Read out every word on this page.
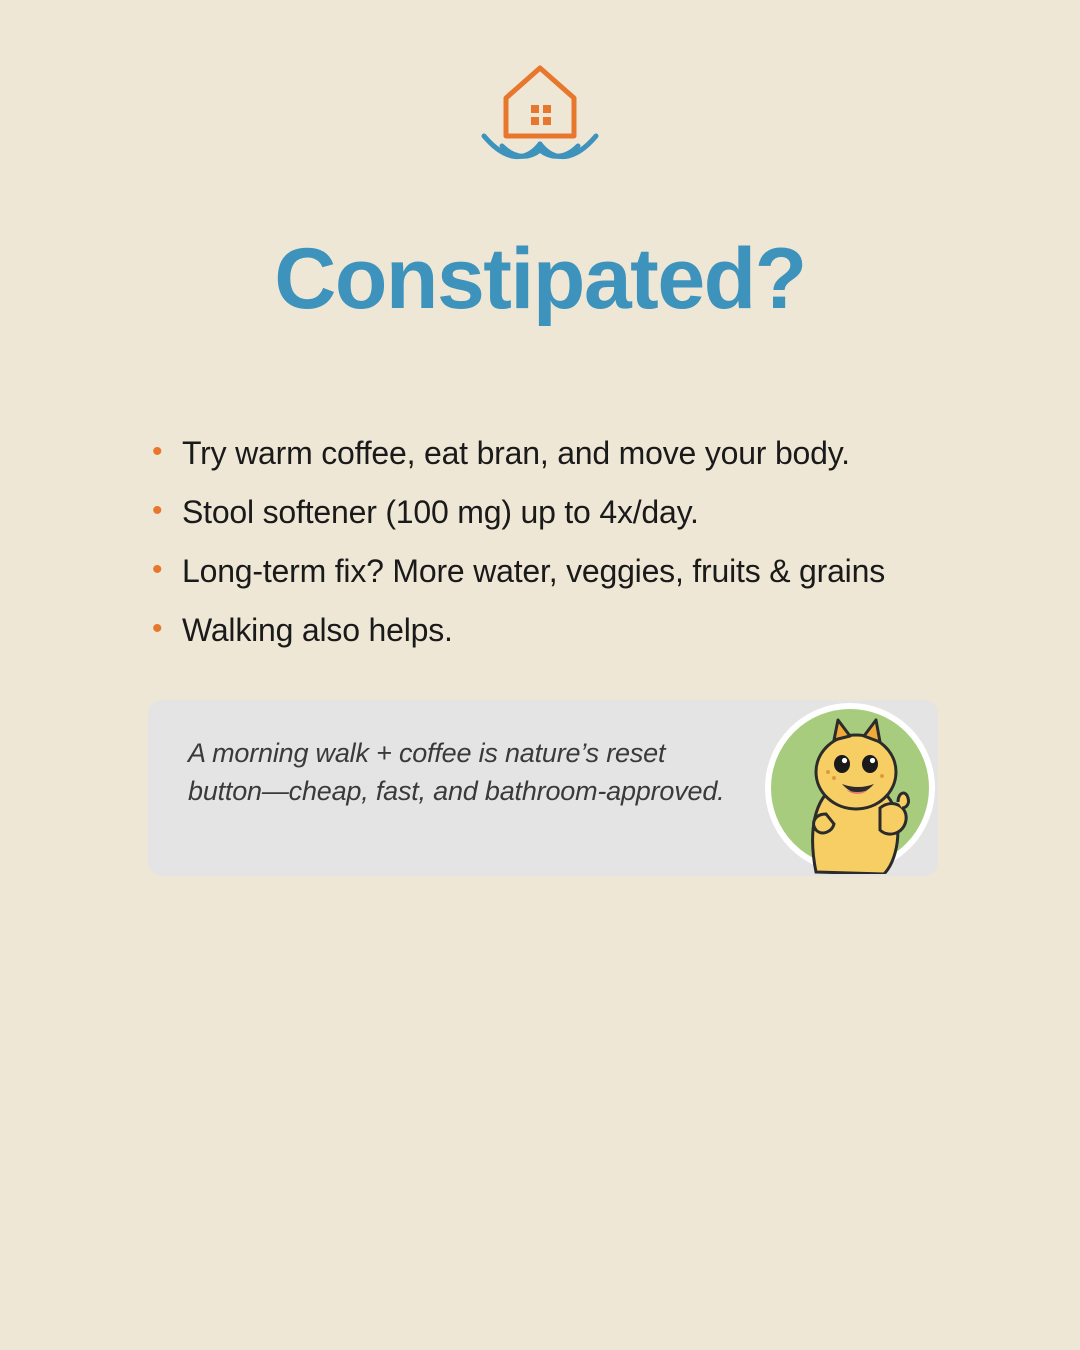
Constipated?
• Try warm coffee, eat bran, and move your body.
• Stool softener (100 mg) up to 4x/day.
• Long-term fix? More water, veggies, fruits & grains
• Walking also helps.
A morning walk + coffee is nature’s reset button—cheap, fast, and bathroom-approved.
